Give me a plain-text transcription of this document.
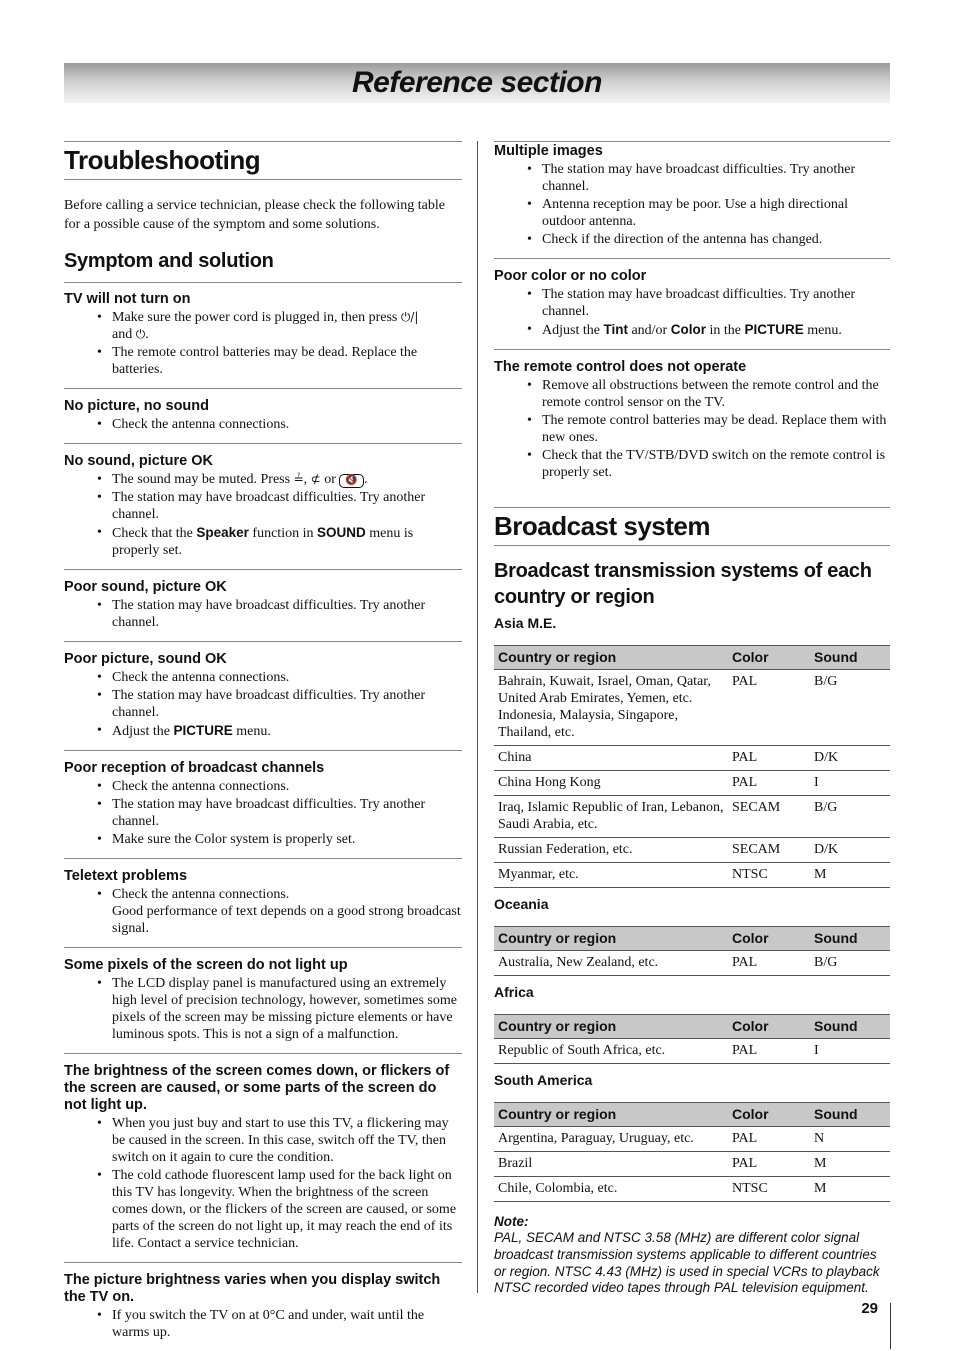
Reference section
Troubleshooting

Before calling a service technician, please check the following table for a possible cause of the symptom and some solutions.

Symptom and solution
TV will not turn on
• Make sure the power cord is plugged in, then press ⏻/|
and ⏻.
• The remote control batteries may be dead. Replace the batteries.
No picture, no sound
• Check the antenna connections.
No sound, picture OK
• The sound may be muted. Press ≟, ⊄ or 🔇 .
• The station may have broadcast difficulties. Try another channel.
• Check that the Speaker function in SOUND menu is properly set.
Poor sound, picture OK
• The station may have broadcast difficulties. Try another channel.
Poor picture, sound OK
• Check the antenna connections.
• The station may have broadcast difficulties. Try another channel.
• Adjust the PICTURE menu.
Poor reception of broadcast channels
• Check the antenna connections.
• The station may have broadcast difficulties. Try another channel.
• Make sure the Color system is properly set.
Teletext problems
• Check the antenna connections.
Good performance of text depends on a good strong broadcast signal.
Some pixels of the screen do not light up
• The LCD display panel is manufactured using an extremely high level of precision technology, however, sometimes some pixels of the screen may be missing picture elements or have luminous spots. This is not a sign of a malfunction.
The brightness of the screen comes down, or flickers of the screen are caused, or some parts of the screen do not light up.
• When you just buy and start to use this TV, a flickering may be caused in the screen. In this case, switch off the TV, then switch on it again to cure the condition.
• The cold cathode fluorescent lamp used for the back light on this TV has longevity. When the brightness of the screen comes down, or the flickers of the screen are caused, or some parts of the screen do not light up, it may reach the end of its life. Contact a service technician.
The picture brightness varies when you display switch the TV on.
• If you switch the TV on at 0°C and under, wait until the warms up.
Multiple images
• The station may have broadcast difficulties. Try another channel.
• Antenna reception may be poor. Use a high directional outdoor antenna.
• Check if the direction of the antenna has changed.
Poor color or no color
• The station may have broadcast difficulties. Try another channel.
• Adjust the Tint and/or Color in the PICTURE menu.
The remote control does not operate
• Remove all obstructions between the remote control and the remote control sensor on the TV.
• The remote control batteries may be dead. Replace them with new ones.
• Check that the TV/STB/DVD switch on the remote control is properly set.
Broadcast system
Broadcast transmission systems of each country or region

Asia M.E.

Country or region	Color	Sound
Bahrain, Kuwait, Israel, Oman, Qatar, United Arab Emirates, Yemen, etc. Indonesia, Malaysia, Singapore, Thailand, etc.	PAL	B/G
China	PAL	D/K
China Hong Kong	PAL	I
Iraq, Islamic Republic of Iran, Lebanon, Saudi Arabia, etc.	SECAM	B/G
Russian Federation, etc.	SECAM	D/K
Myanmar, etc.	NTSC	M

Oceania

Country or region	Color	Sound
Australia, New Zealand, etc.	PAL	B/G

Africa

Country or region	Color	Sound
Republic of South Africa, etc.	PAL	I

South America

Country or region	Color	Sound
Argentina, Paraguay, Uruguay, etc.	PAL	N
Brazil	PAL	M
Chile, Colombia, etc.	NTSC	M

Note:

PAL, SECAM and NTSC 3.58 (MHz) are different color signal broadcast transmission systems applicable to different countries or region. NTSC 4.43 (MHz) is used in special VCRs to playback NTSC recorded video tapes through PAL television equipment.

29
